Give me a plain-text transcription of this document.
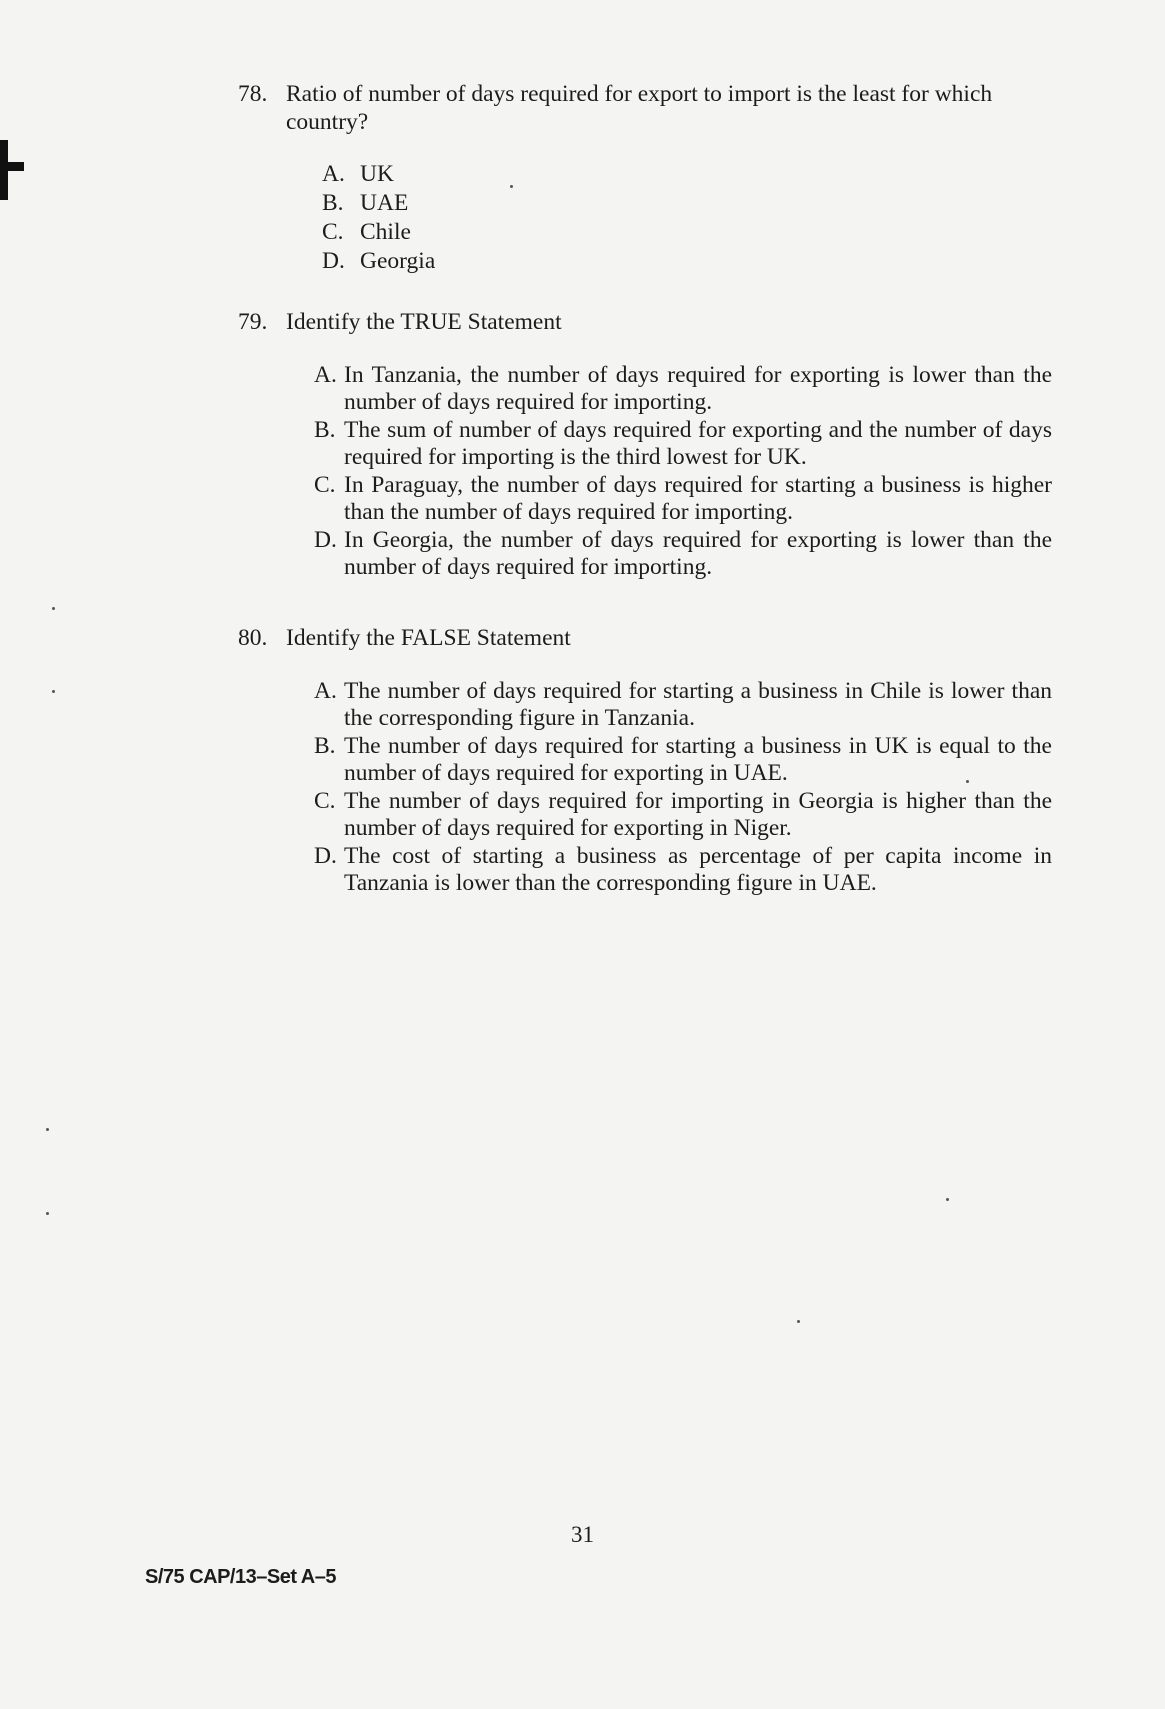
78. Ratio of number of days required for export to import is the least for which country?
A. UK
B. UAE
C. Chile
D. Georgia
79. Identify the TRUE Statement
A. In Tanzania, the number of days required for exporting is lower than the number of days required for importing.
B. The sum of number of days required for exporting and the number of days required for importing is the third lowest for UK.
C. In Paraguay, the number of days required for starting a business is higher than the number of days required for importing.
D. In Georgia, the number of days required for exporting is lower than the number of days required for importing.
80. Identify the FALSE Statement
A. The number of days required for starting a business in Chile is lower than the corresponding figure in Tanzania.
B. The number of days required for starting a business in UK is equal to the number of days required for exporting in UAE.
C. The number of days required for importing in Georgia is higher than the number of days required for exporting in Niger.
D. The cost of starting a business as percentage of per capita income in Tanzania is lower than the corresponding figure in UAE.
31
S/75 CAP/13–Set A–5
